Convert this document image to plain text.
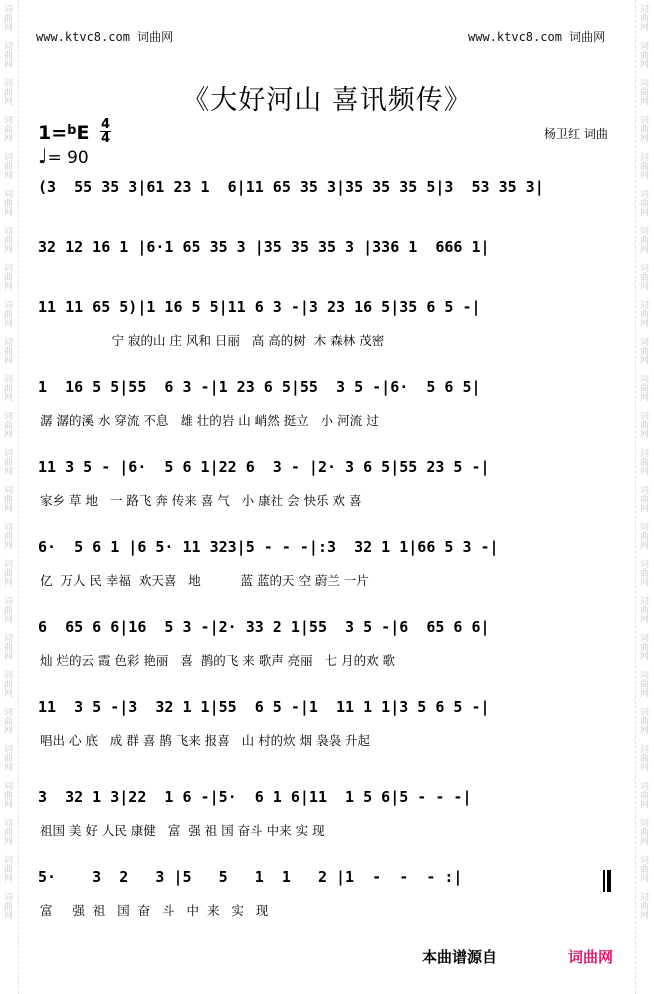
词曲网
词曲网
词曲网
词曲网
词曲网
词曲网
词曲网
词曲网
词曲网
词曲网
词曲网
词曲网
词曲网
词曲网
词曲网
词曲网
词曲网
词曲网
词曲网
词曲网
词曲网
词曲网
词曲网
词曲网
词曲网
词曲网
词曲网
词曲网
词曲网
词曲网
词曲网
词曲网
词曲网
词曲网
词曲网
词曲网
词曲网
词曲网
词曲网
词曲网
词曲网
词曲网
词曲网
词曲网
词曲网
词曲网
词曲网
词曲网
词曲网
词曲网
www.ktvc8.com 词曲网	www.ktvc8.com 词曲网
《大好河山 喜讯频传》
1=$^b$E 4
4
♩= 90
杨卫红 词曲
(3  55 35 3|61 23 1  6|11 65 35 3|35 35 35 5|3  53 35 3|
32 12 16 1 |6·1 65 35 3 |35 35 35 3 |336 1  666 1|
11 11 65 5)|1 16 5 5|11 6 3 -|3 23 16 5|35 6 5 -|
宁 寂的山 庄 风和 日丽   高 高的树  木 森林 茂密
1  16 5 5|55  6 3 -|1 23 6 5|55  3 5 -|6·  5 6 5|
潺 潺的溪 水 穿流 不息   雄 壮的岩 山 峭然 挺立   小 河流 过
11 3 5 - |6·  5 6 1|22 6  3 - |2· 3 6 5|55 23 5 -|
家乡 草 地   一 路飞 奔 传来 喜 气   小 康社 会 快乐 欢 喜
6·  5 6 1 |6 5· 11 323|5 - - -|:3  32 1 1|66 5 3 -|
亿  万人 民 幸福  欢天喜   地          蓝 蓝的天 空 蔚兰 一片
6  65 6 6|16  5 3 -|2· 33 2 1|55  3 5 -|6  65 6 6|
灿 烂的云 霞 色彩 艳丽   喜  鹊的飞 来 歌声 亮丽   七 月的欢 歌
11  3 5 -|3  32 1 1|55  6 5 -|1  11 1 1|3 5 6 5 -|
唱出 心 底   成 群 喜 鹊 飞来 报喜   山 村的炊 烟 袅袅 升起
3  32 1 3|22  1 6 -|5·  6 1 6|11  1 5 6|5 - - -|
祖国 美 好 人民 康健   富  强 祖 国 奋斗 中来 实 现
5·    3  2   3 |5   5   1  1   2 |1  -  -  - :|
富     强  祖   国  奋   斗   中  来   实   现
本曲谱源自	词曲网
